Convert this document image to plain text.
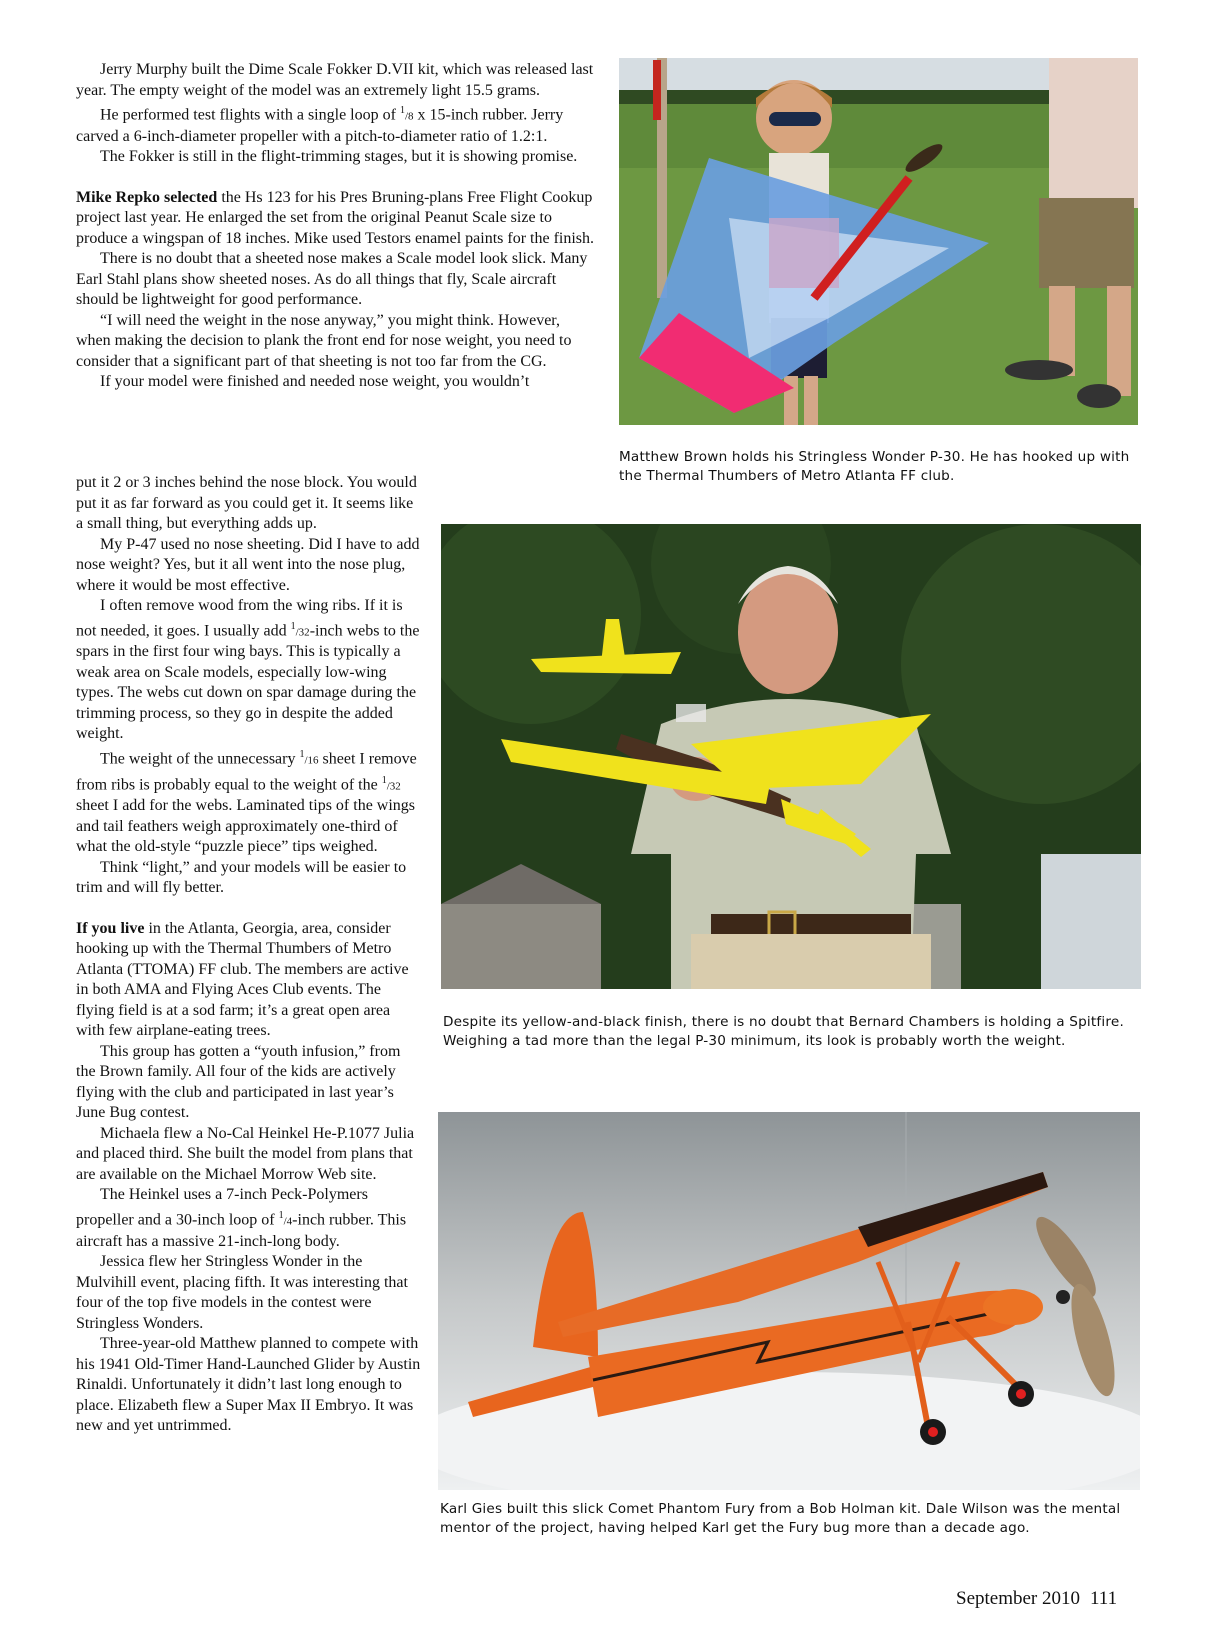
Jerry Murphy built the Dime Scale Fokker D.VII kit, which was released last year. The empty weight of the model was an extremely light 15.5 grams.

He performed test flights with a single loop of $^1$/8 x 15-inch rubber. Jerry carved a 6-inch-diameter propeller with a pitch-to-diameter ratio of 1.2:1.

The Fokker is still in the flight-trimming stages, but it is showing promise.

Mike Repko selected the Hs 123 for his Pres Bruning-plans Free Flight Cookup project last year. He enlarged the set from the original Peanut Scale size to produce a wingspan of 18 inches. Mike used Testors enamel paints for the finish.

There is no doubt that a sheeted nose makes a Scale model look slick. Many Earl Stahl plans show sheeted noses. As do all things that fly, Scale aircraft should be lightweight for good performance.

“I will need the weight in the nose anyway,” you might think. However, when making the decision to plank the front end for nose weight, you need to consider that a significant part of that sheeting is not too far from the CG.

If your model were finished and needed nose weight, you wouldn’t

put it 2 or 3 inches behind the nose block. You would put it as far forward as you could get it. It seems like a small thing, but everything adds up.

My P-47 used no nose sheeting. Did I have to add nose weight? Yes, but it all went into the nose plug, where it would be most effective.

I often remove wood from the wing ribs. If it is not needed, it goes. I usually add $^1$/32-inch webs to the spars in the first four wing bays. This is typically a weak area on Scale models, especially low-wing types. The webs cut down on spar damage during the trimming process, so they go in despite the added weight.

The weight of the unnecessary $^1$/16 sheet I remove from ribs is probably equal to the weight of the $^1$/32 sheet I add for the webs. Laminated tips of the wings and tail feathers weigh approximately one-third of what the old-style “puzzle piece” tips weighed.

Think “light,” and your models will be easier to trim and will fly better.

If you live in the Atlanta, Georgia, area, consider hooking up with the Thermal Thumbers of Metro Atlanta (TTOMA) FF club. The members are active in both AMA and Flying Aces Club events. The flying field is at a sod farm; it’s a great open area with few airplane-eating trees.

This group has gotten a “youth infusion,” from the Brown family. All four of the kids are actively flying with the club and participated in last year’s June Bug contest.

Michaela flew a No-Cal Heinkel He-P.1077 Julia and placed third. She built the model from plans that are available on the Michael Morrow Web site.

The Heinkel uses a 7-inch Peck-Polymers propeller and a 30-inch loop of $^1$/4-inch rubber. This aircraft has a massive 21-inch-long body.

Jessica flew her Stringless Wonder in the Mulvihill event, placing fifth. It was interesting that four of the top five models in the contest were Stringless Wonders.

Three-year-old Matthew planned to compete with his 1941 Old-Timer Hand-Launched Glider by Austin Rinaldi. Unfortunately it didn’t last long enough to place. Elizabeth flew a Super Max II Embryo. It was new and yet untrimmed.

Matthew Brown holds his Stringless Wonder P-30. He has hooked up with the Thermal Thumbers of Metro Atlanta FF club.

Despite its yellow-and-black finish, there is no doubt that Bernard Chambers is holding a Spitfire. Weighing a tad more than the legal P-30 minimum, its look is probably worth the weight.

Karl Gies built this slick Comet Phantom Fury from a Bob Holman kit. Dale Wilson was the mental mentor of the project, having helped Karl get the Fury bug more than a decade ago.

September 2010 111
